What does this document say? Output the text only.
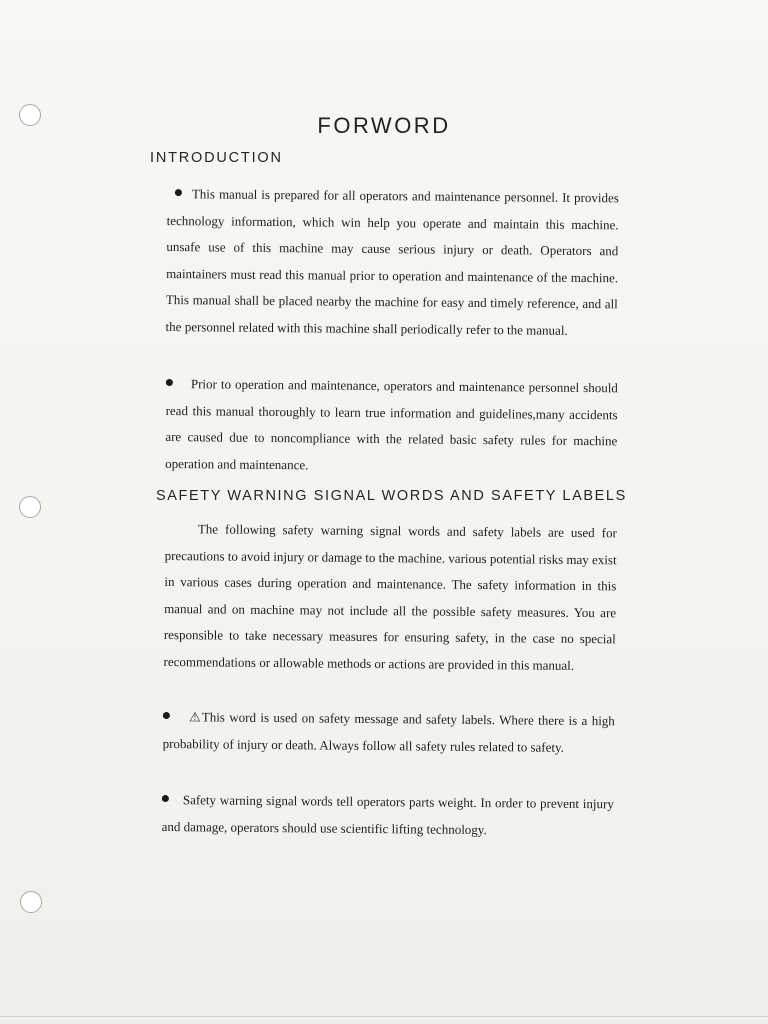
FORWORD
INTRODUCTION

This manual is prepared for all operators and maintenance personnel. It provides technology information, which win help you operate and maintain this machine. unsafe use of this machine may cause serious injury or death. Operators and maintainers must read this manual prior to operation and maintenance of the machine. This manual shall be placed nearby the machine for easy and timely reference, and all the personnel related with this machine shall periodically refer to the manual.

Prior to operation and maintenance, operators and maintenance personnel should read this manual thoroughly to learn true information and guidelines,many accidents are caused due to noncompliance with the related basic safety rules for machine operation and maintenance.

SAFETY WARNING SIGNAL WORDS AND SAFETY LABELS

The following safety warning signal words and safety labels are used for precautions to avoid injury or damage to the machine. various potential risks may exist in various cases during operation and maintenance. The safety information in this manual and on machine may not include all the possible safety measures. You are responsible to take necessary measures for ensuring safety, in the case no special recommendations or allowable methods or actions are provided in this manual.

⚠This word is used on safety message and safety labels. Where there is a high probability of injury or death. Always follow all safety rules related to safety.

Safety warning signal words tell operators parts weight. In order to prevent injury and damage, operators should use scientific lifting technology.
